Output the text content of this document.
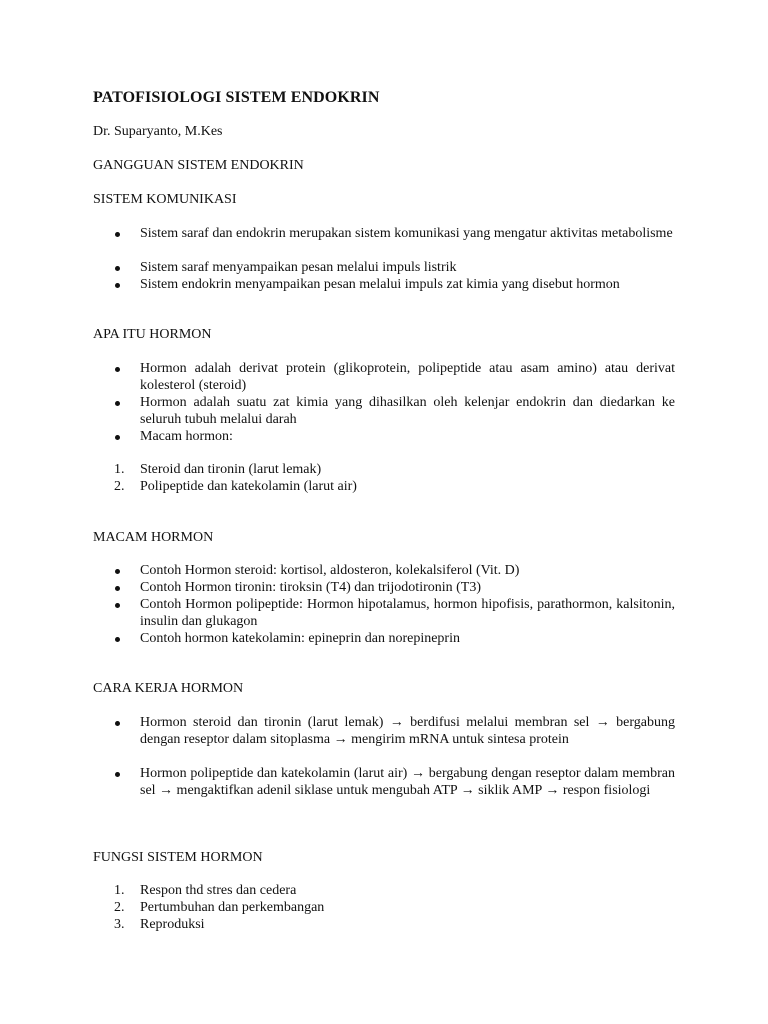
PATOFISIOLOGI SISTEM ENDOKRIN
Dr. Suparyanto, M.Kes
GANGGUAN SISTEM ENDOKRIN
SISTEM KOMUNIKASI
Sistem saraf dan endokrin merupakan sistem komunikasi yang mengatur aktivitas metabolisme
Sistem saraf menyampaikan pesan melalui impuls listrik
Sistem endokrin menyampaikan pesan melalui impuls zat kimia yang disebut hormon
APA ITU HORMON
Hormon adalah derivat protein (glikoprotein, polipeptide atau asam amino) atau derivat kolesterol (steroid)
Hormon adalah suatu zat kimia yang dihasilkan oleh kelenjar endokrin dan diedarkan ke seluruh tubuh melalui darah
Macam hormon:
1. Steroid dan tironin (larut lemak)
2. Polipeptide dan katekolamin (larut air)
MACAM HORMON
Contoh Hormon steroid: kortisol, aldosteron, kolekalsiferol (Vit. D)
Contoh Hormon tironin: tiroksin (T4) dan trijodotironin (T3)
Contoh Hormon polipeptide: Hormon hipotalamus, hormon hipofisis, parathormon, kalsitonin, insulin dan glukagon
Contoh hormon katekolamin: epineprin dan norepineprin
CARA KERJA HORMON
Hormon steroid dan tironin (larut lemak) → berdifusi melalui membran sel → bergabung dengan reseptor dalam sitoplasma → mengirim mRNA untuk sintesa protein
Hormon polipeptide dan katekolamin (larut air) → bergabung dengan reseptor dalam membran sel → mengaktifkan adenil siklase untuk mengubah ATP → siklik AMP → respon fisiologi
FUNGSI SISTEM HORMON
1. Respon thd stres dan cedera
2. Pertumbuhan dan perkembangan
3. Reproduksi
